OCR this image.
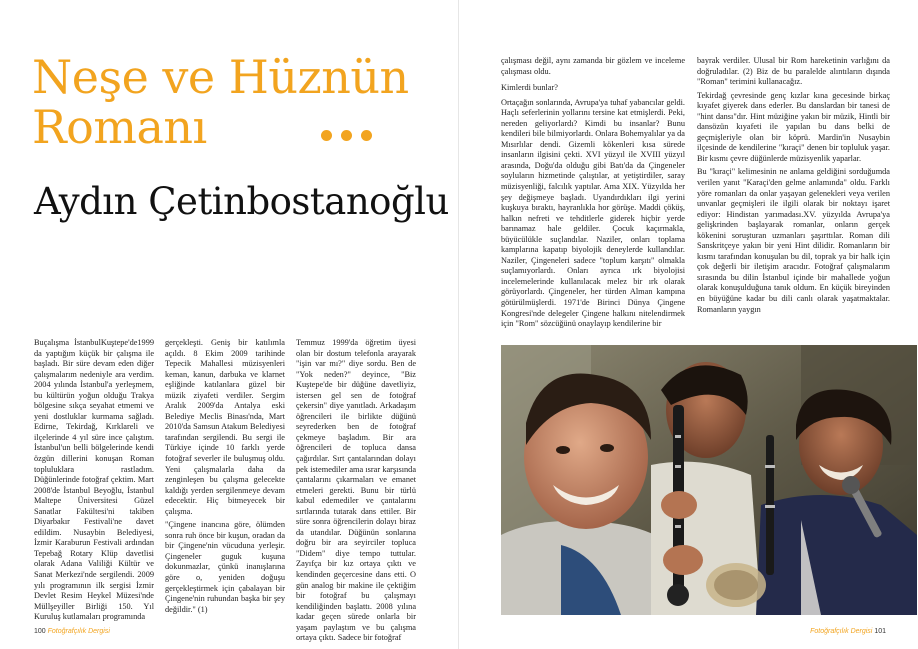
Neşe ve Hüznün
Romanı
Aydın Çetinbostanoğlu

Buçalışma İstanbulKuştepe'de1999 da yaptığım küçük bir çalışma ile başladı. Bir süre devam eden diğer çalışmalarım nedeniyle ara verdim. 2004 yılında İstanbul'a yerleşmem, bu kültürün yoğun olduğu Trakya bölgesine sıkça seyahat etmemi ve yeni dostluklar kurmama sağladı. Edirne, Tekirdağ, Kırklareli ve ilçelerinde 4 yıl süre ince çalıştım. İstanbul'un belli bölgelerinde kendi özgün dillerini konuşan Roman topluluklara rastladım. Düğünlerinde fotoğraf çektim. Mart 2008'de İstanbul Beyoğlu, İstanbul Maltepe Üniversitesi Güzel Sanatlar Fakültesi'ni takiben Diyarbakır Festivali'ne davet edildim. Nusaybin Belediyesi, İzmir Karaburun Festivali ardından Tepebağ Rotary Klüp davetlisi olarak Adana Valiliği Kültür ve Sanat Merkezi'nde sergilendi. 2009 yılı programının ilk sergisi İzmir Devlet Resim Heykel Müzesi'nde Müllşeyiller Birliği 150. Yıl Kuruluş kutlamaları programında

gerçekleşti. Geniş bir katılımla açıldı. 8 Ekim 2009 tarihinde Tepecik Mahallesi müzisyenleri keman, kanun, darbuka ve klarnet eşliğinde katılanlara güzel bir müzik ziyafeti verdiler. Sergim Aralık 2009'da Antalya eski Belediye Meclis Binası'nda, Mart 2010'da Samsun Atakum Belediyesi tarafından sergilendi. Bu sergi ile Türkiye içinde 10 farklı yerde fotoğraf severler ile buluşmuş oldu. Yeni çalışmalarla daha da zenginleşen bu çalışma gelecekte kaldığı yerden sergilenmeye devam edecektir. Hiç bitmeyecek bir çalışma.

"Çingene inancına göre, ölümden sonra ruh önce bir kuşun, oradan da bir Çingene'nin vücuduna yerleşir. Çingeneler guguk kuşuna dokunmazlar, çünkü inanışlarına göre o, yeniden doğuşu gerçekleştirmek için çabalayan bir Çingene'nin ruhundan başka bir şey değildir." (1)

Temmuz 1999'da öğretim üyesi olan bir dostum telefonla arayarak "işin var mı?" diye sordu. Ben de "Yok neden?" deyince, "Biz Kuştepe'de bir düğüne davetliyiz, istersen gel sen de fotoğraf çekersin" diye yanıtladı. Arkadaşım öğrencileri ile birlikte düğünü seyrederken ben de fotoğraf çekmeye başladım. Bir ara öğrencileri de topluca dansa çağırdılar. Sırt çantalarından dolayı pek istemediler ama ısrar karşısında çantalarını çıkarmaları ve emanet etmeleri gerekti. Bunu bir türlü kabul edemediler ve çantalarını sırtlarında tutarak dans ettiler. Bir süre sonra öğrencilerin dolayı biraz da utandılar. Düğünün sonlarına doğru bir ara seyirciler topluca "Didem" diye tempo tuttular. Zayıfça bir kız ortaya çıktı ve kendinden geçercesine dans etti. O gün analog bir makine ile çektiğim bir fotoğraf bu çalışmayı kendiliğinden başlattı. 2008 yılına kadar geçen sürede onlarla bir yaşam paylaştım ve bu çalışma ortaya çıktı. Sadece bir fotoğraf

çalışması değil, aynı zamanda bir gözlem ve inceleme çalışması oldu.

Kimlerdi bunlar?

Ortaçağın sonlarında, Avrupa'ya tuhaf yabancılar geldi. Haçlı seferlerinin yollarını tersine kat etmişlerdi. Peki, nereden geliyorlardı? Kimdi bu insanlar? Bunu kendileri bile bilmiyorlardı. Onlara Bohemyalılar ya da Mısırlılar dendi. Gizemli kökenleri kısa sürede insanların ilgisini çekti. XVI yüzyıl ile XVIII yüzyıl arasında, Doğu'da olduğu gibi Batı'da da Çingeneler soyluların hizmetinde çalıştılar, at yetiştirdiler, saray müzisyenliği, falcılık yaptılar. Ama XIX. Yüzyılda her şey değişmeye başladı. Uyandırdıkları ilgi yerini kuşkuya bıraktı, hayranlıkla hor görüşe. Maddi çöküş, halkın nefreti ve tehditlerle giderek hiçbir yerde barınamaz hale geldiler. Çocuk kaçırmakla, büyücülükle suçlandılar. Naziler, onları toplama kamplarına kapatıp biyolojik deneylerde kullandılar. Naziler, Çingeneleri sadece "toplum karşıtı" olmakla suçlamıyorlardı. Onları ayrıca ırk biyolojisi incelemelerinde kullanılacak melez bir ırk olarak görüyorlardı. Çingeneler, her türden Alman kampına götürülmüşlerdi. 1971'de Birinci Dünya Çingene Kongresi'nde delegeler Çingene halkını nitelendirmek için "Rom" sözcüğünü onaylayıp kendilerine bir

bayrak verdiler. Ulusal bir Rom hareketinin varlığını da doğruladılar. (2) Biz de bu paralelde alıntıların dışında "Roman" terimini kullanacağız.

Tekirdağ çevresinde genç kızlar kına gecesinde birkaç kıyafet giyerek dans ederler. Bu danslardan bir tanesi de "hint dansı"dır. Hint müziğine yakın bir müzik, Hintli bir dansözün kıyafeti ile yapılan bu dans belki de geçmişleriyle olan bir köprü. Mardin'in Nusaybin ilçesinde de kendilerine "kıraçi" denen bir topluluk yaşar. Bir kısmı çevre düğünlerde müzisyenlik yaparlar.

Bu "kıraçi" kelimesinin ne anlama geldiğini sorduğumda verilen yanıt "Karaçi'den gelme anlamında" oldu. Farklı yöre romanları da onlar yaşayan gelenekleri veya verilen unvanlar geçmişleri ile ilgili olarak bir noktayı işaret ediyor: Hindistan yarımadası.XV. yüzyılda Avrupa'ya gelişkrinden başlayarak romanlar, onların gerçek kökenini soruşturan uzmanları şaşırttılar. Roman dili Sanskritçeye yakın bir yeni Hint dilidir. Romanların bir kısmı tarafından konuşulan bu dil, toprak ya bir halk için çok değerli bir iletişim aracıdır. Fotoğraf çalışmalarım sırasında bu dilin İstanbul içinde bir mahallede yoğun olarak konuşulduğuna tanık oldum. En küçük bireyinden en büyüğüne kadar bu dili canlı olarak yaşatmaktalar. Romanların yaygın

100 Fotoğrafçılık Dergisi	Fotoğrafçılık Dergisi 101
